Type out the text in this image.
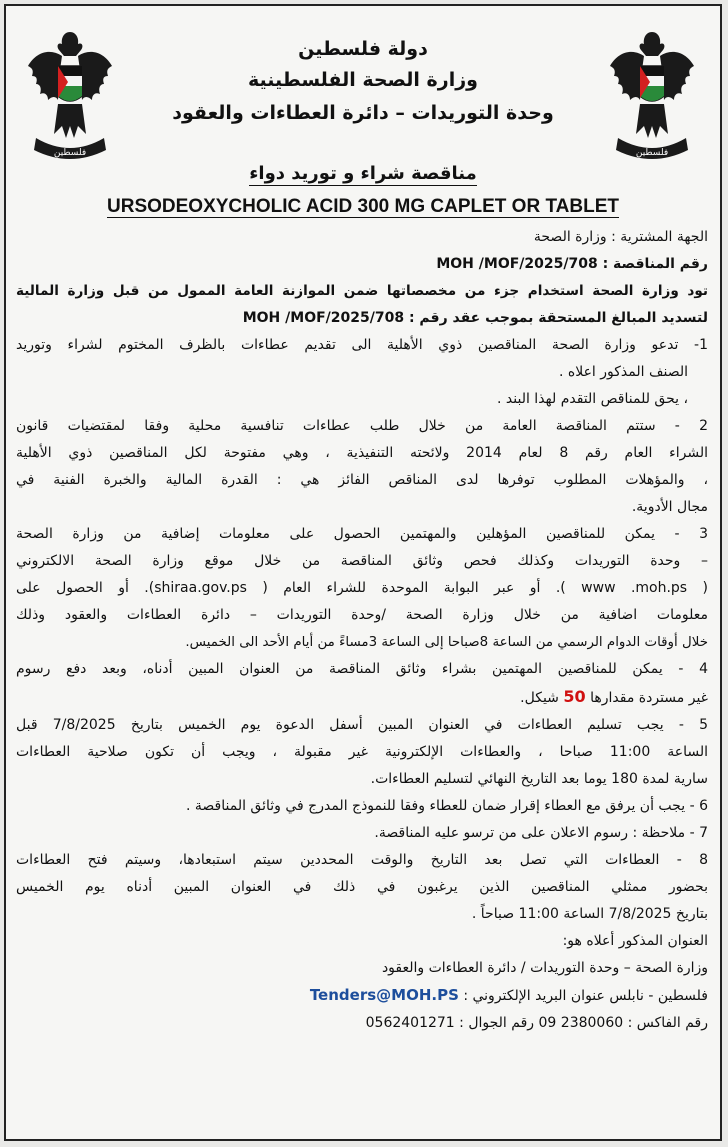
فلسطين	فلسطين
دولة فلسطين
وزارة الصحة الفلسطينية
وحدة التوريدات – دائرة العطاءات والعقود
مناقصة شراء و توريد دواء
URSODEOXYCHOLIC ACID 300 MG CAPLET OR TABLET
الجهة المشترية : وزارة الصحة
رقم المناقصة : MOH /MOF/2025/708
تود وزارة الصحة استخدام جزء من مخصصاتها ضمن الموازنة العامة الممول من قبل وزارة المالية
لتسديد المبالغ المستحقة بموجب عقد رقم : MOH /MOF/2025/708
1- تدعو وزارة الصحة المناقصين ذوي الأهلية الى تقديم عطاءات بالظرف المختوم لشراء وتوريد
الصنف المذكور اعلاه .
، يحق للمناقص التقدم لهذا البند .
2 - ستتم المناقصة العامة من خلال طلب عطاءات تنافسية محلية وفقا لمقتضيات قانون
الشراء العام رقم 8 لعام 2014 ولائحته التنفيذية ، وهي مفتوحة لكل المناقصين ذوي الأهلية
، والمؤهلات المطلوب توفرها لدى المناقص الفائز هي : القدرة المالية والخبرة الفنية في
مجال الأدوية.
3 - يمكن للمناقصين المؤهلين والمهتمين الحصول على معلومات إضافية من وزارة الصحة
– وحدة التوريدات وكذلك فحص وثائق المناقصة من خلال موقع وزارة الصحة الالكتروني
( www .moh.ps ). أو عبر البوابة الموحدة للشراء العام ( shiraa.gov.ps). أو الحصول على
معلومات اضافية من خلال وزارة الصحة /وحدة التوريدات – دائرة العطاءات والعقود وذلك
خلال أوقات الدوام الرسمي من الساعة 8صباحا إلى الساعة 3مساءً من أيام الأحد الى الخميس.
4 - يمكن للمناقصين المهتمين بشراء وثائق المناقصة من العنوان المبين أدناه، وبعد دفع رسوم
غير مستردة مقدارها 50 شيكل.
5 - يجب تسليم العطاءات في العنوان المبين أسفل الدعوة يوم الخميس بتاريخ 7/8/2025 قبل
الساعة 11:00 صباحا ، والعطاءات الإلكترونية غير مقبولة ، ويجب أن تكون صلاحية العطاءات
سارية لمدة 180 يوما بعد التاريخ النهائي لتسليم العطاءات.
6 - يجب أن يرفق مع العطاء إقرار ضمان للعطاء وفقا للنموذج المدرج في وثائق المناقصة .
7 - ملاحظة : رسوم الاعلان على من ترسو عليه المناقصة.
8 - العطاءات التي تصل بعد التاريخ والوقت المحددين سيتم استبعادها، وسيتم فتح العطاءات
بحضور ممثلي المناقصين الذين يرغبون في ذلك في العنوان المبين أدناه يوم الخميس
بتاريخ 7/8/2025 الساعة 11:00 صباحاً .
العنوان المذكور أعلاه هو:
وزارة الصحة – وحدة التوريدات / دائرة العطاءات والعقود
فلسطين - نابلس عنوان البريد الإلكتروني : Tenders@MOH.PS
رقم الفاكس : 2380060 09 رقم الجوال : 0562401271
